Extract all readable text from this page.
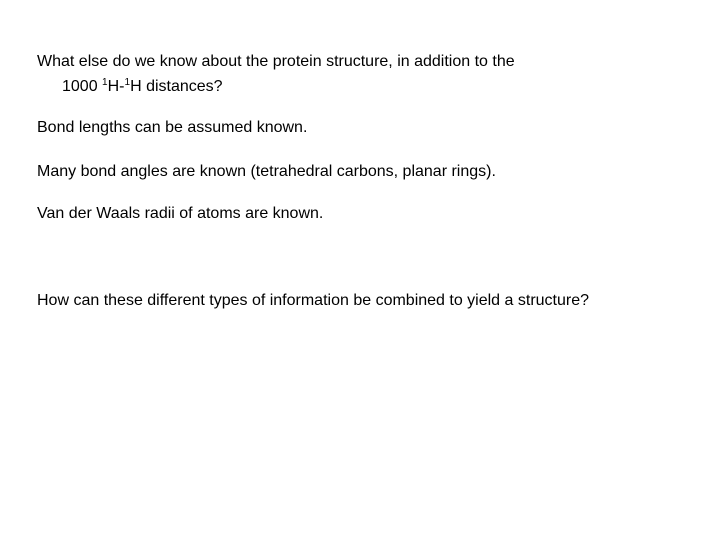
What else do we know about the protein structure, in addition to the
1000 $^1$H-$^1$H distances?
Bond lengths can be assumed known.
Many bond angles are known (tetrahedral carbons, planar rings).
Van der Waals radii of atoms are known.
How can these different types of information be combined to yield a structure?
